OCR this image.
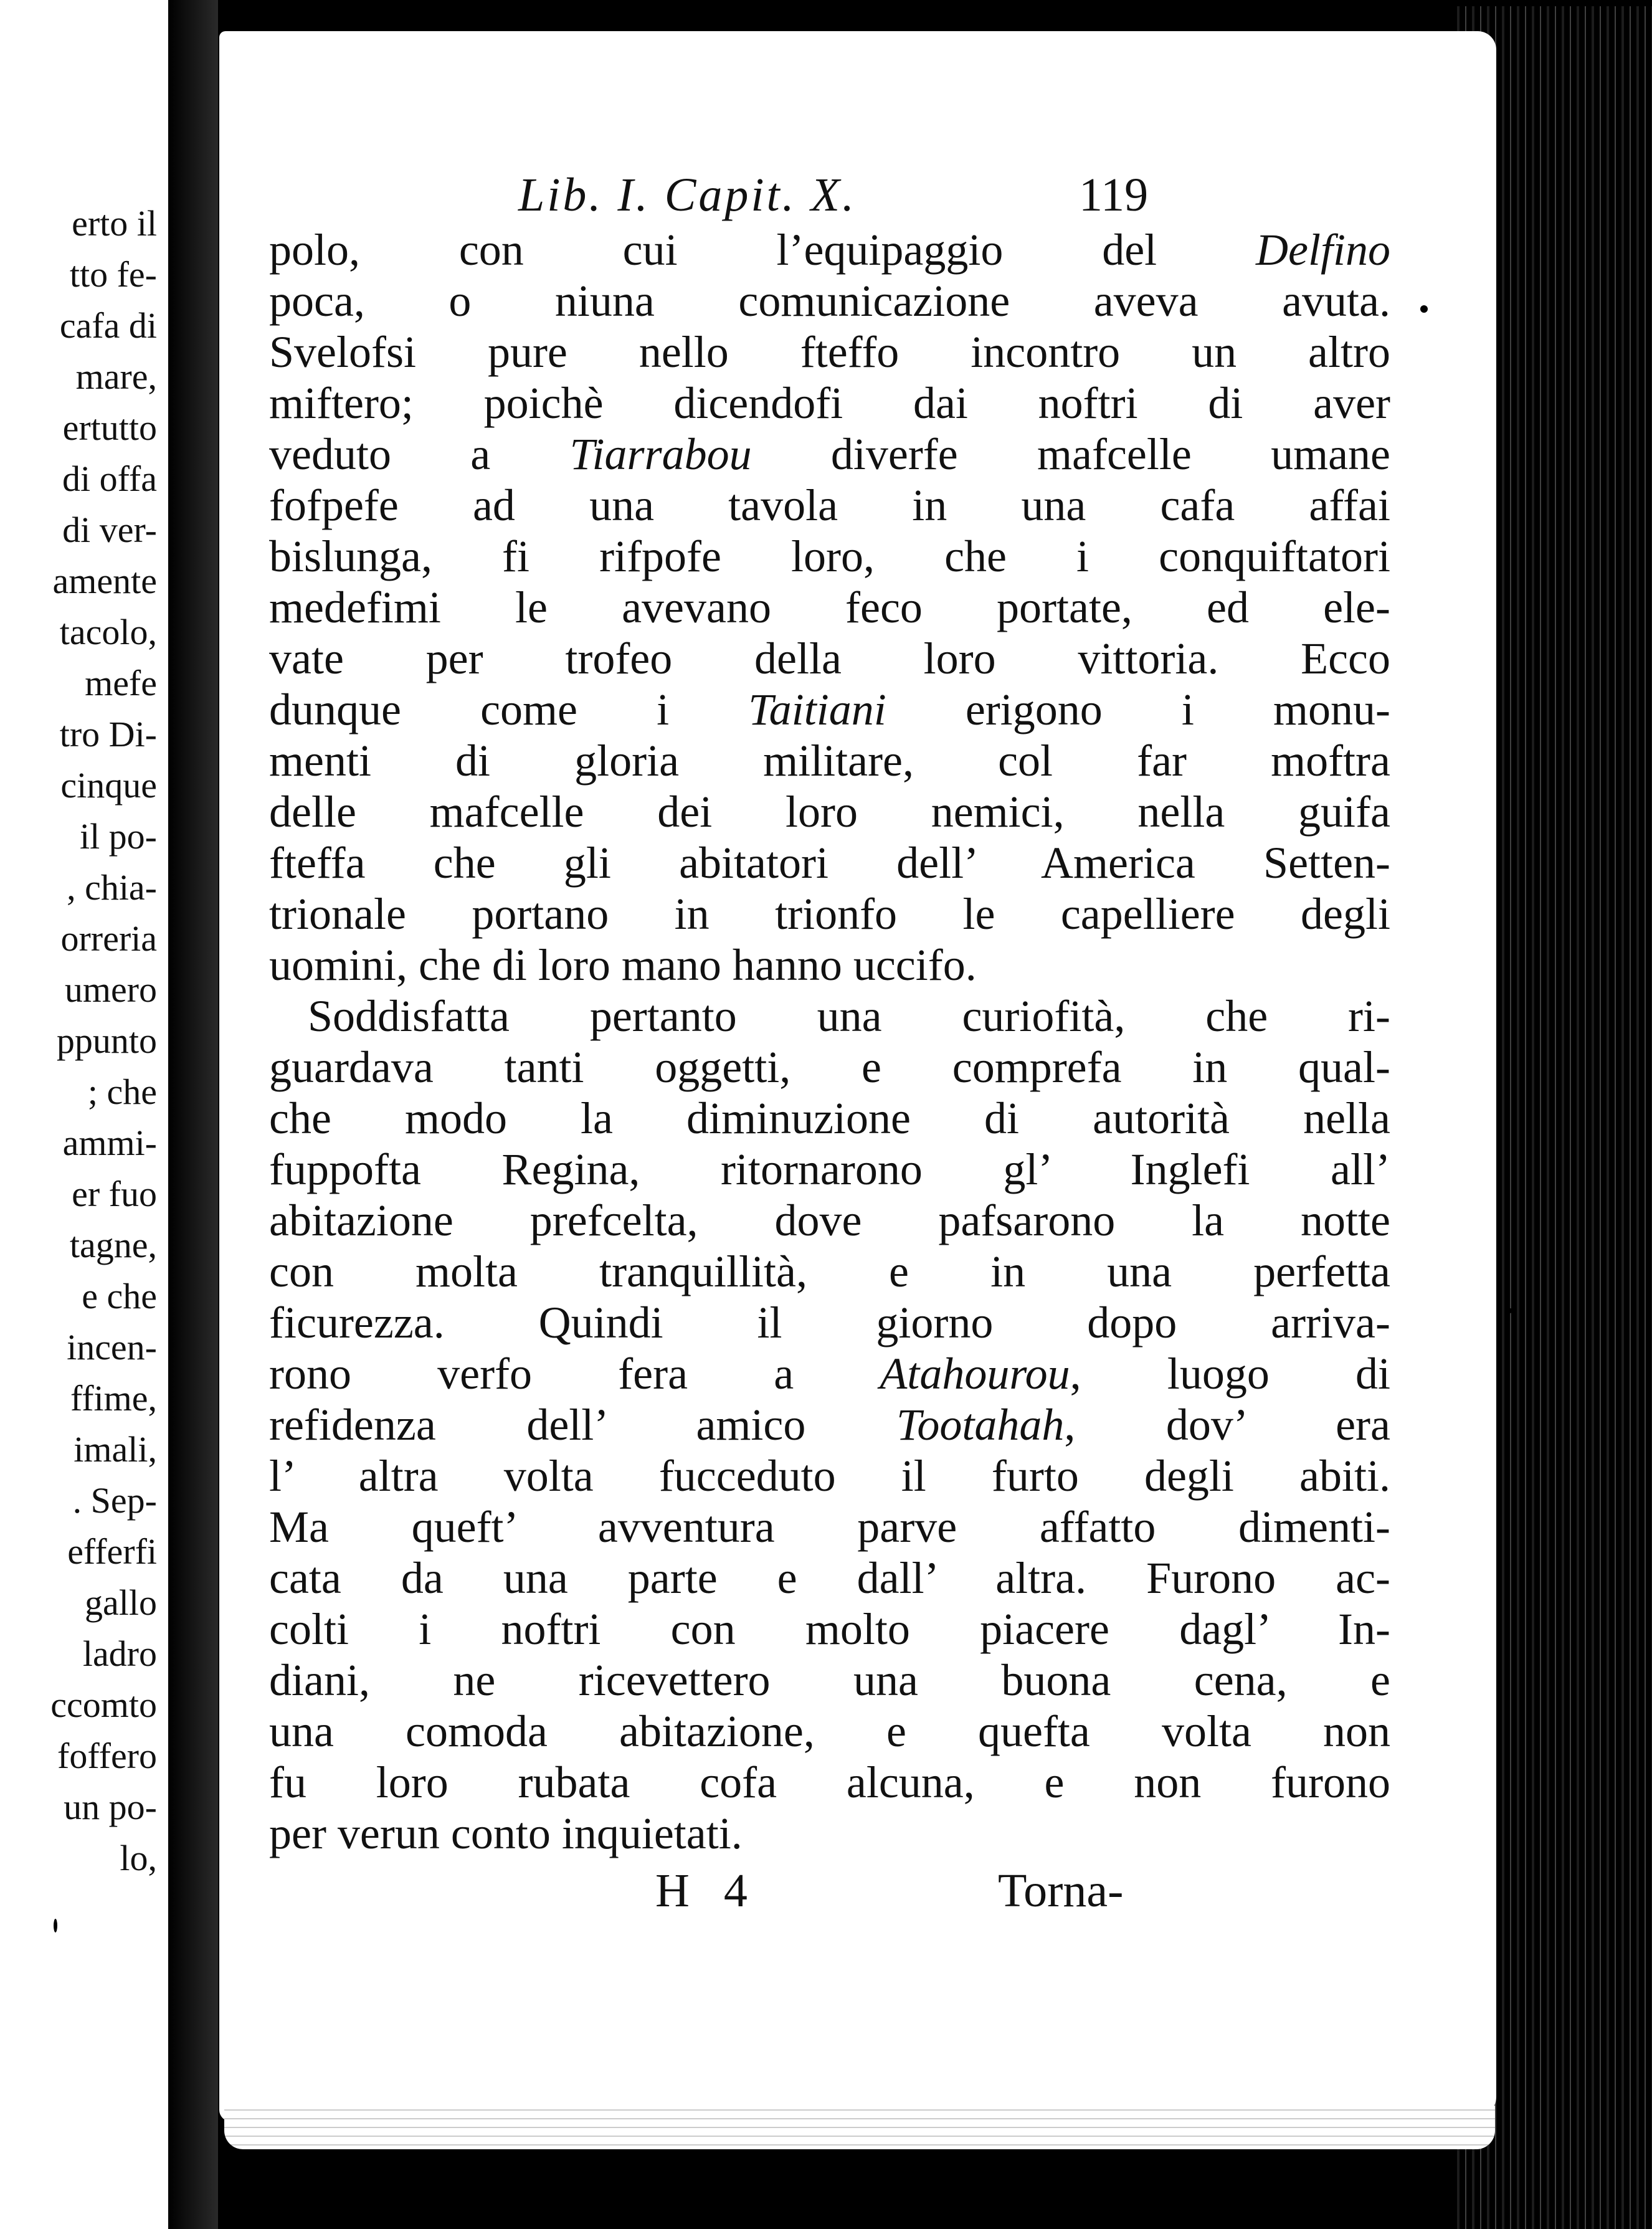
erto il
tto fe-
cafa di
mare,
ertutto
di offa
di ver-
amente
tacolo,
mefe
tro Di-
cinque
il po-
, chia-
orreria
umero
ppunto
; che
ammi-
er fuo
tagne,
e che
incen-
ffime,
imali,
. Sep-
efferfi
gallo
ladro
ccomto
foffero
un po-
lo,
Lib. I. Capit. X.	119
polo, con cui l’equipaggio del Delfino
poca, o niuna comunicazione aveva avuta.
Svelofsi pure nello fteffo incontro un altro
miftero; poichè dicendofi dai noftri di aver
veduto a Tiarrabou diverfe mafcelle umane
fofpefe ad una tavola in una cafa affai
bislunga, fi rifpofe loro, che i conquiftatori
medefimi le avevano feco portate, ed ele-
vate per trofeo della loro vittoria. Ecco
dunque come i Taitiani erigono i monu-
menti di gloria militare, col far moftra
delle mafcelle dei loro nemici, nella guifa
fteffa che gli abitatori dell’ America Setten-
trionale portano in trionfo le capelliere degli
uomini, che di loro mano hanno uccifo.
Soddisfatta pertanto una curiofità, che ri-
guardava tanti oggetti, e comprefa in qual-
che modo la diminuzione di autorità nella
fuppofta Regina, ritornarono gl’ Inglefi all’
abitazione prefcelta, dove pafsarono la notte
con molta tranquillità, e in una perfetta
ficurezza. Quindi il giorno dopo arriva-
rono verfo fera a Atahourou, luogo di
refidenza dell’ amico Tootahah, dov’ era
l’ altra volta fucceduto il furto degli abiti.
Ma queft’ avventura parve affatto dimenti-
cata da una parte e dall’ altra. Furono ac-
colti i noftri con molto piacere dagl’ In-
diani, ne ricevettero una buona cena, e
una comoda abitazione, e quefta volta non
fu loro rubata cofa alcuna, e non furono
per verun conto inquietati.
H 4	Torna-
